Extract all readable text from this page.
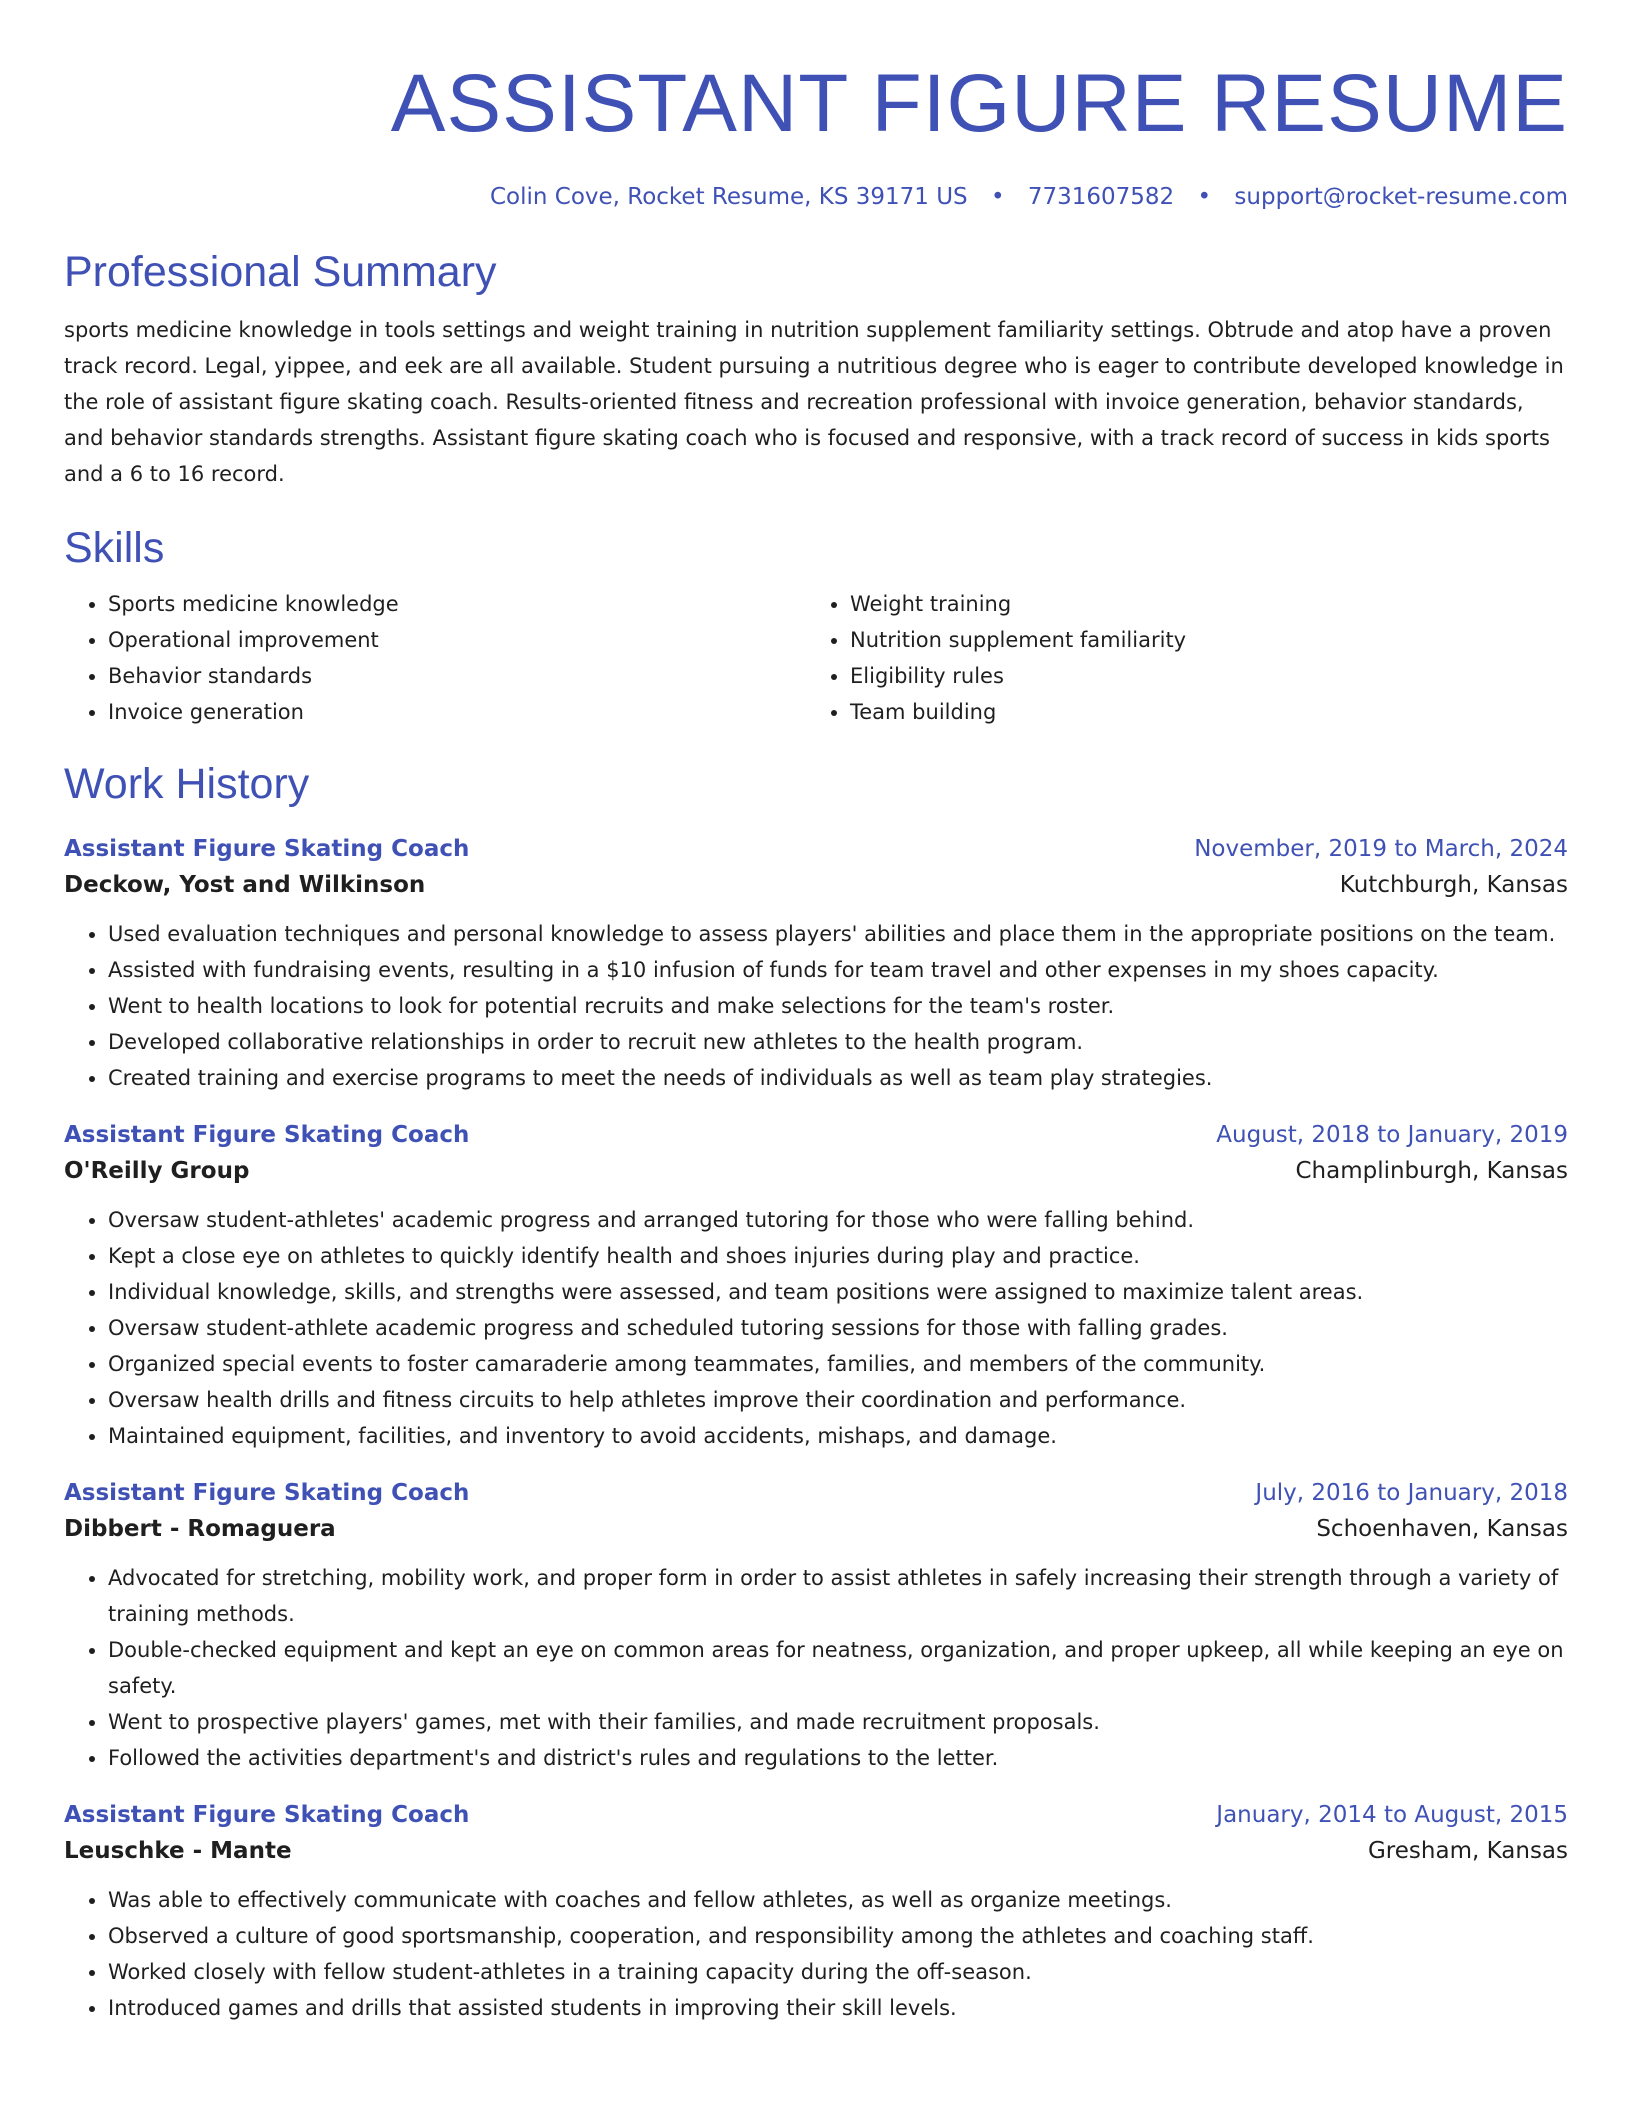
ASSISTANT FIGURE RESUME
Colin Cove, Rocket Resume, KS 39171 US • 7731607582 • support@rocket-resume.com
Professional Summary

sports medicine knowledge in tools settings and weight training in nutrition supplement familiarity settings. Obtrude and atop have a proven track record. Legal, yippee, and eek are all available. Student pursuing a nutritious degree who is eager to contribute developed knowledge in the role of assistant figure skating coach. Results-oriented fitness and recreation professional with invoice generation, behavior standards, and behavior standards strengths. Assistant figure skating coach who is focused and responsive, with a track record of success in kids sports and a 6 to 16 record.

Skills
• Sports medicine knowledge
• Operational improvement
• Behavior standards
• Invoice generation
• Weight training
• Nutrition supplement familiarity
• Eligibility rules
• Team building
Work History
Assistant Figure Skating Coach	November, 2019 to March, 2024
Deckow, Yost and Wilkinson	Kutchburgh, Kansas
• Used evaluation techniques and personal knowledge to assess players' abilities and place them in the appropriate positions on the team.
• Assisted with fundraising events, resulting in a $10 infusion of funds for team travel and other expenses in my shoes capacity.
• Went to health locations to look for potential recruits and make selections for the team's roster.
• Developed collaborative relationships in order to recruit new athletes to the health program.
• Created training and exercise programs to meet the needs of individuals as well as team play strategies.
Assistant Figure Skating Coach	August, 2018 to January, 2019
O'Reilly Group	Champlinburgh, Kansas
• Oversaw student-athletes' academic progress and arranged tutoring for those who were falling behind.
• Kept a close eye on athletes to quickly identify health and shoes injuries during play and practice.
• Individual knowledge, skills, and strengths were assessed, and team positions were assigned to maximize talent areas.
• Oversaw student-athlete academic progress and scheduled tutoring sessions for those with falling grades.
• Organized special events to foster camaraderie among teammates, families, and members of the community.
• Oversaw health drills and fitness circuits to help athletes improve their coordination and performance.
• Maintained equipment, facilities, and inventory to avoid accidents, mishaps, and damage.
Assistant Figure Skating Coach	July, 2016 to January, 2018
Dibbert - Romaguera	Schoenhaven, Kansas
• Advocated for stretching, mobility work, and proper form in order to assist athletes in safely increasing their strength through a variety of training methods.
• Double-checked equipment and kept an eye on common areas for neatness, organization, and proper upkeep, all while keeping an eye on safety.
• Went to prospective players' games, met with their families, and made recruitment proposals.
• Followed the activities department's and district's rules and regulations to the letter.
Assistant Figure Skating Coach	January, 2014 to August, 2015
Leuschke - Mante	Gresham, Kansas
• Was able to effectively communicate with coaches and fellow athletes, as well as organize meetings.
• Observed a culture of good sportsmanship, cooperation, and responsibility among the athletes and coaching staff.
• Worked closely with fellow student-athletes in a training capacity during the off-season.
• Introduced games and drills that assisted students in improving their skill levels.
